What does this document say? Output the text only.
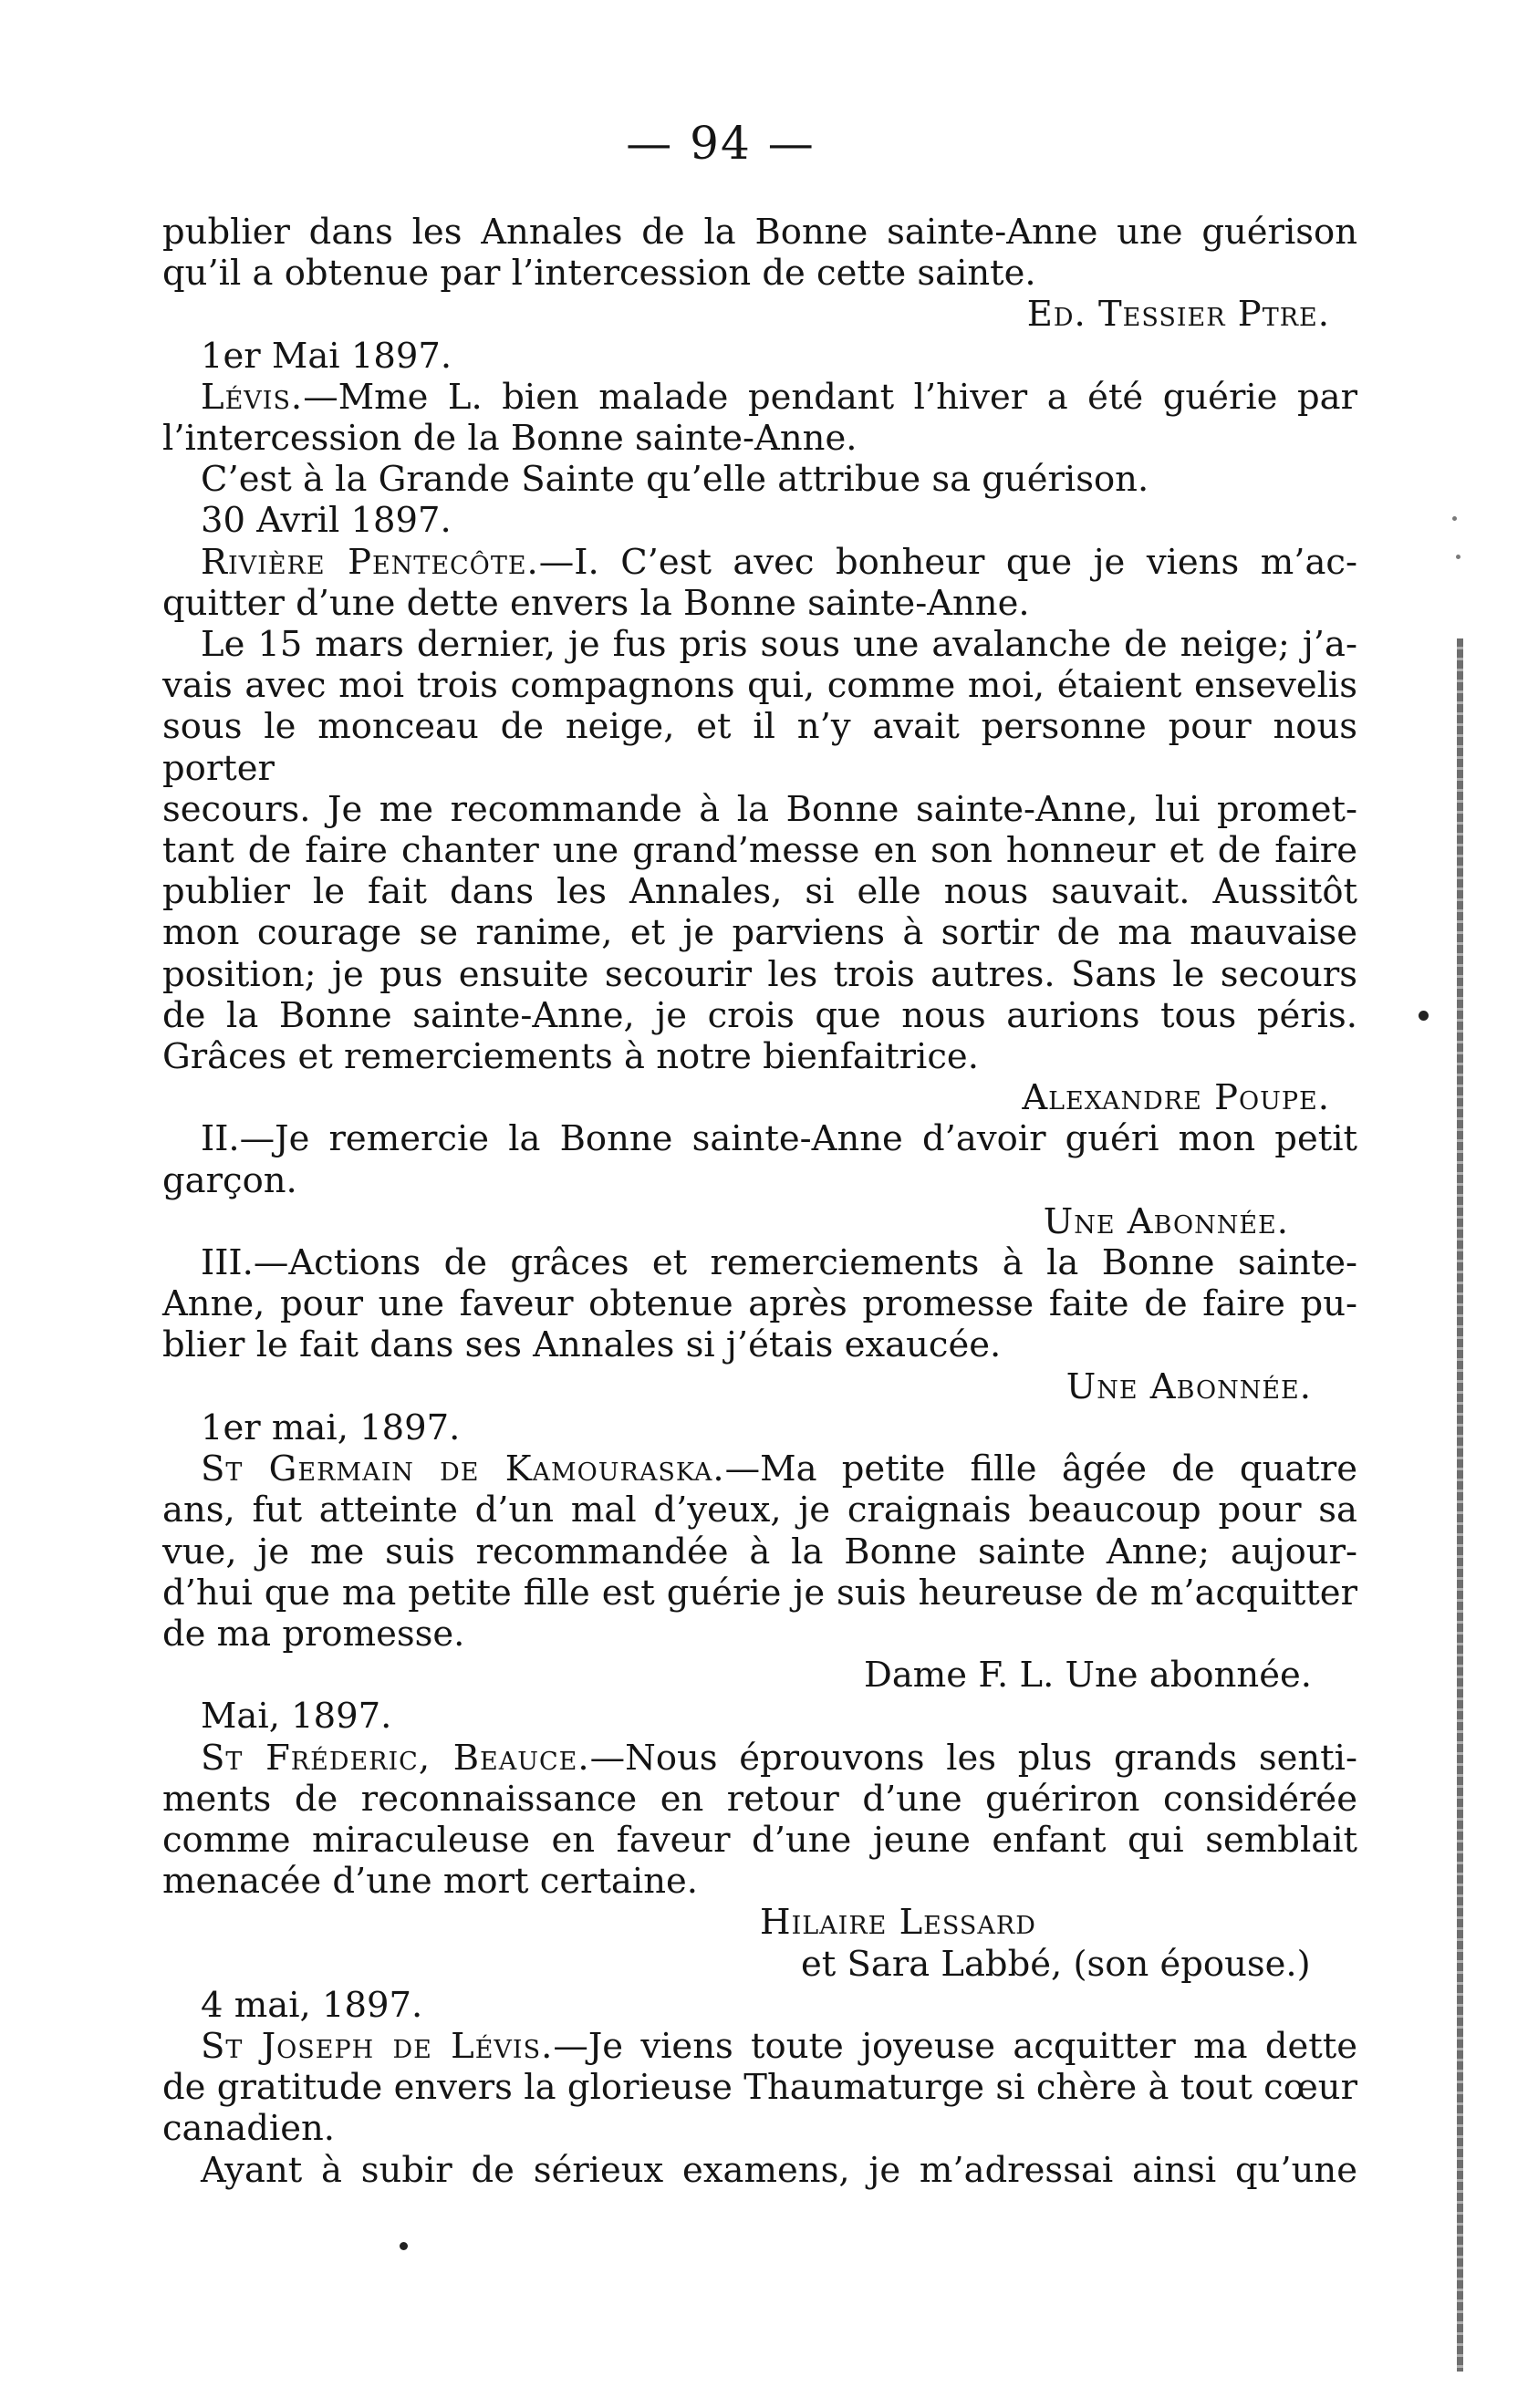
— 94 —

publier dans les Annales de la Bonne sainte-Anne une guérison

qu’il a obtenue par l’intercession de cette sainte.

Ed. Tessier Ptre.

1er Mai 1897.

Lévis.—Mme L. bien malade pendant l’hiver a été guérie par

l’intercession de la Bonne sainte-Anne.

C’est à la Grande Sainte qu’elle attribue sa guérison.

30 Avril 1897.

Rivière Pentecôte.—I. C’est avec bonheur que je viens m’ac-

quitter d’une dette envers la Bonne sainte-Anne.

Le 15 mars dernier, je fus pris sous une avalanche de neige; j’a-

vais avec moi trois compagnons qui, comme moi, étaient ensevelis

sous le monceau de neige, et il n’y avait personne pour nous porter

secours. Je me recommande à la Bonne sainte-Anne, lui promet-

tant de faire chanter une grand’messe en son honneur et de faire

publier le fait dans les Annales, si elle nous sauvait. Aussitôt

mon courage se ranime, et je parviens à sortir de ma mauvaise

position; je pus ensuite secourir les trois autres. Sans le secours

de la Bonne sainte-Anne, je crois que nous aurions tous péris.

Grâces et remerciements à notre bienfaitrice.

Alexandre Poupe.

II.—Je remercie la Bonne sainte-Anne d’avoir guéri mon petit

garçon.

Une Abonnée.

III.—Actions de grâces et remerciements à la Bonne sainte-

Anne, pour une faveur obtenue après promesse faite de faire pu-

blier le fait dans ses Annales si j’étais exaucée.

Une Abonnée.

1er mai, 1897.

St Germain de Kamouraska.—Ma petite fille âgée de quatre

ans, fut atteinte d’un mal d’yeux, je craignais beaucoup pour sa

vue, je me suis recommandée à la Bonne sainte Anne; aujour-

d’hui que ma petite fille est guérie je suis heureuse de m’acquitter

de ma promesse.

Dame F. L. Une abonnée.

Mai, 1897.

St Fréderic, Beauce.—Nous éprouvons les plus grands senti-

ments de reconnaissance en retour d’une guériron considérée

comme miraculeuse en faveur d’une jeune enfant qui semblait

menacée d’une mort certaine.

Hilaire Lessard

et Sara Labbé, (son épouse.)

4 mai, 1897.

St Joseph de Lévis.—Je viens toute joyeuse acquitter ma dette

de gratitude envers la glorieuse Thaumaturge si chère à tout cœur

canadien.

Ayant à subir de sérieux examens, je m’adressai ainsi qu’une
